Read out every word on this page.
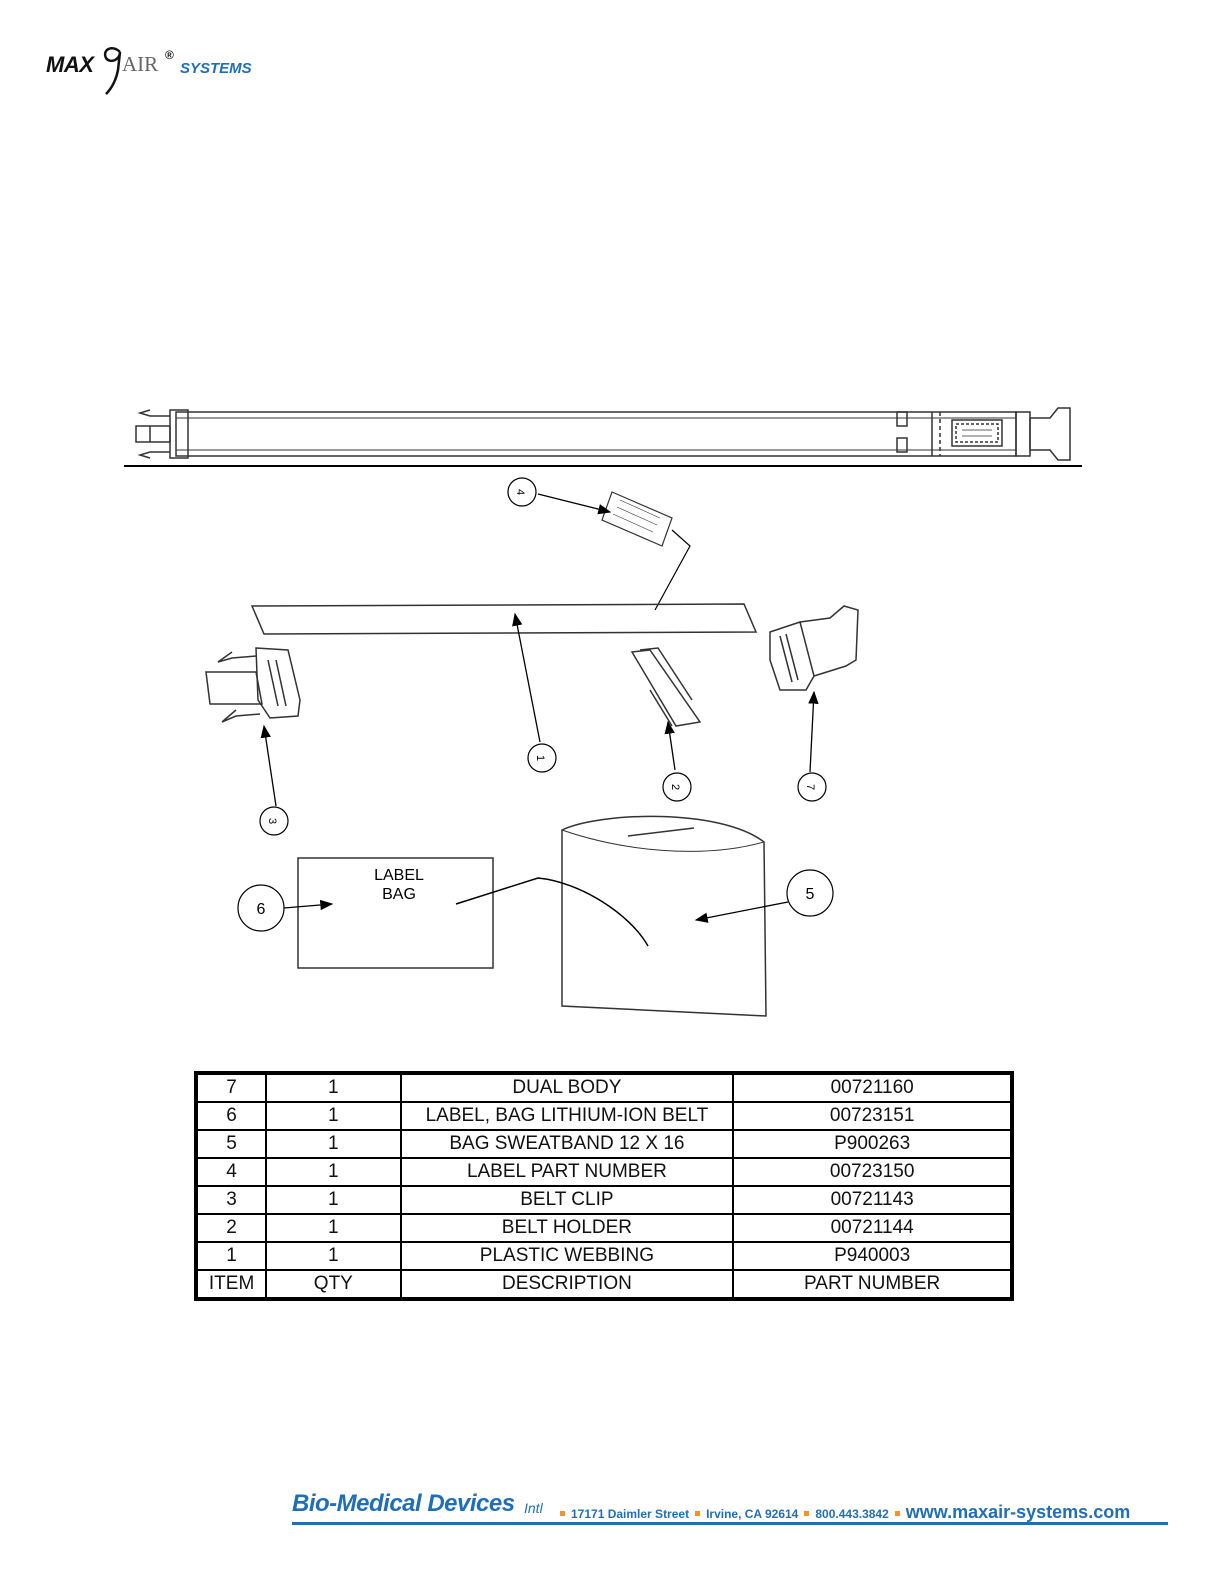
MAX AIR ®
SYSTEMS
LABEL
BAG
4
1
2
3
7
6
5
7	1	DUAL BODY	00721160
6	1	LABEL, BAG LITHIUM-ION BELT	00723151
5	1	BAG SWEATBAND 12 X 16	P900263
4	1	LABEL PART NUMBER	00723150
3	1	BELT CLIP	00721143
2	1	BELT HOLDER	00721144
1	1	PLASTIC WEBBING	P940003
ITEM	QTY	DESCRIPTION	PART NUMBER
Bio-Medical Devices Intl	17171 Daimler Street Irvine, CA 92614 800.443.3842 www.maxair-systems.com
